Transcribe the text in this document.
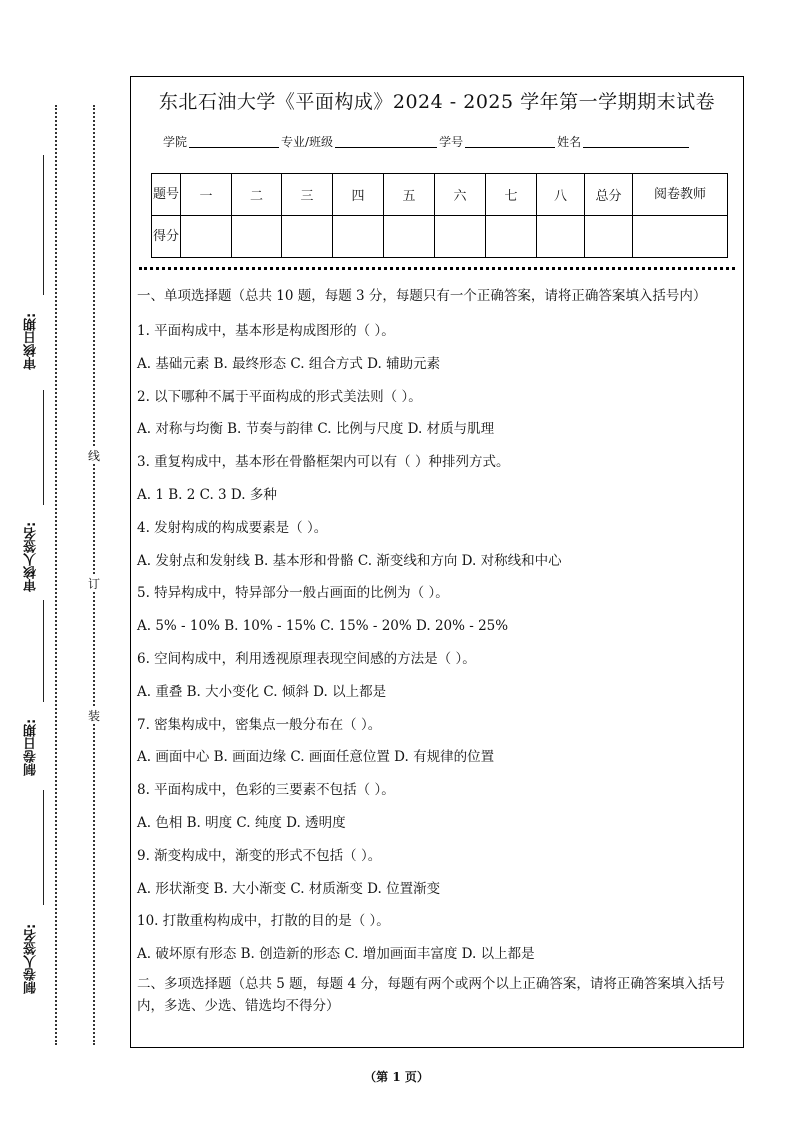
审核日期:
审核人签名:
制卷日期:
制卷人签名:
线
订
装
东北石油大学《平面构成》2024 - 2025 学年第一学期期末试卷
学院	专业/班级	学号	姓名
题号	一	二	三	四	五	六	七	八	总分	阅卷教师
得分										
一、单项选择题（总共 10 题，每题 3 分，每题只有一个正确答案，请将正确答案填入括号内）
1. 平面构成中，基本形是构成图形的（ ）。
A. 基础元素 B. 最终形态 C. 组合方式 D. 辅助元素
2. 以下哪种不属于平面构成的形式美法则（ ）。
A. 对称与均衡 B. 节奏与韵律 C. 比例与尺度 D. 材质与肌理
3. 重复构成中，基本形在骨骼框架内可以有（ ）种排列方式。
A. 1 B. 2 C. 3 D. 多种
4. 发射构成的构成要素是（ ）。
A. 发射点和发射线 B. 基本形和骨骼 C. 渐变线和方向 D. 对称线和中心
5. 特异构成中，特异部分一般占画面的比例为（ ）。
A. 5% - 10% B. 10% - 15% C. 15% - 20% D. 20% - 25%
6. 空间构成中，利用透视原理表现空间感的方法是（ ）。
A. 重叠 B. 大小变化 C. 倾斜 D. 以上都是
7. 密集构成中，密集点一般分布在（ ）。
A. 画面中心 B. 画面边缘 C. 画面任意位置 D. 有规律的位置
8. 平面构成中，色彩的三要素不包括（ ）。
A. 色相 B. 明度 C. 纯度 D. 透明度
9. 渐变构成中，渐变的形式不包括（ ）。
A. 形状渐变 B. 大小渐变 C. 材质渐变 D. 位置渐变
10. 打散重构构成中，打散的目的是（ ）。
A. 破坏原有形态 B. 创造新的形态 C. 增加画面丰富度 D. 以上都是
二、多项选择题（总共 5 题，每题 4 分，每题有两个或两个以上正确答案，请将正确答案填入括号内，多选、少选、错选均不得分）
（第 1 页）
